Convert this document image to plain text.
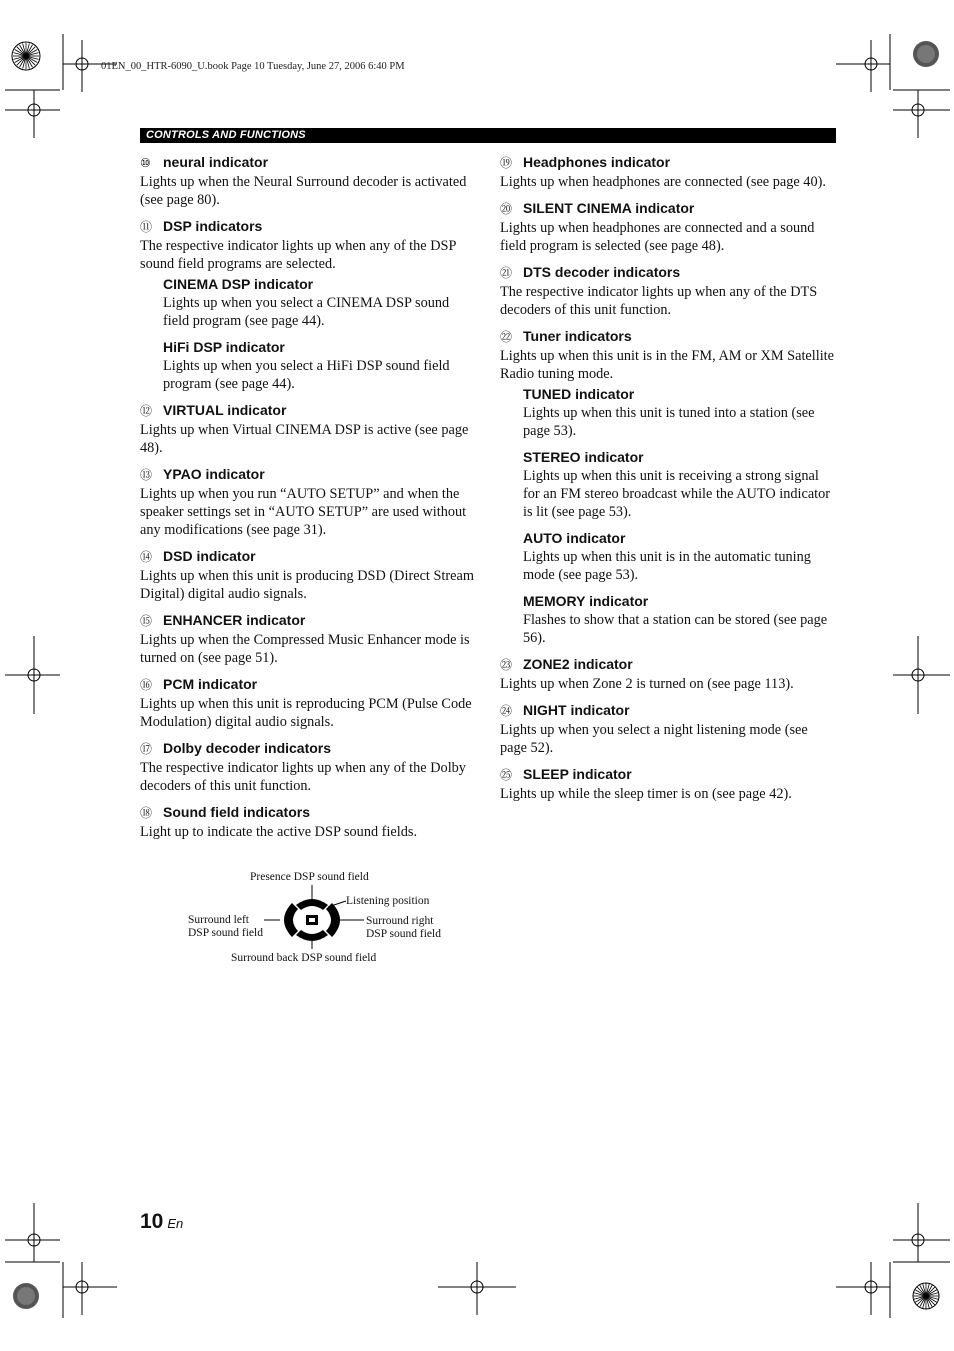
01EN_00_HTR-6090_U.book Page 10 Tuesday, June 27, 2006 6:40 PM
CONTROLS AND FUNCTIONS
⑩ neural indicator
Lights up when the Neural Surround decoder is activated (see page 80).
⑪ DSP indicators
The respective indicator lights up when any of the DSP sound field programs are selected.
CINEMA DSP indicator
Lights up when you select a CINEMA DSP sound field program (see page 44).
HiFi DSP indicator
Lights up when you select a HiFi DSP sound field program (see page 44).
⑫ VIRTUAL indicator
Lights up when Virtual CINEMA DSP is active (see page 48).
⑬ YPAO indicator
Lights up when you run “AUTO SETUP” and when the speaker settings set in “AUTO SETUP” are used without any modifications (see page 31).
⑭ DSD indicator
Lights up when this unit is producing DSD (Direct Stream Digital) digital audio signals.
⑮ ENHANCER indicator
Lights up when the Compressed Music Enhancer mode is turned on (see page 51).
⑯ PCM indicator
Lights up when this unit is reproducing PCM (Pulse Code Modulation) digital audio signals.
⑰ Dolby decoder indicators
The respective indicator lights up when any of the Dolby decoders of this unit function.
⑱ Sound field indicators
Light up to indicate the active DSP sound fields.
⑲ Headphones indicator
Lights up when headphones are connected (see page 40).
⑳ SILENT CINEMA indicator
Lights up when headphones are connected and a sound field program is selected (see page 48).
㉑ DTS decoder indicators
The respective indicator lights up when any of the DTS decoders of this unit function.
㉒ Tuner indicators
Lights up when this unit is in the FM, AM or XM Satellite Radio tuning mode.
TUNED indicator
Lights up when this unit is tuned into a station (see page 53).
STEREO indicator
Lights up when this unit is receiving a strong signal for an FM stereo broadcast while the AUTO indicator is lit (see page 53).
AUTO indicator
Lights up when this unit is in the automatic tuning mode (see page 53).
MEMORY indicator
Flashes to show that a station can be stored (see page 56).
㉓ ZONE2 indicator
Lights up when Zone 2 is turned on (see page 113).
㉔ NIGHT indicator
Lights up when you select a night listening mode (see page 52).
㉕ SLEEP indicator
Lights up while the sleep timer is on (see page 42).
Presence DSP sound field
Listening position
Surround left
DSP sound field
Surround right
DSP sound field
Surround back DSP sound field
10 En
